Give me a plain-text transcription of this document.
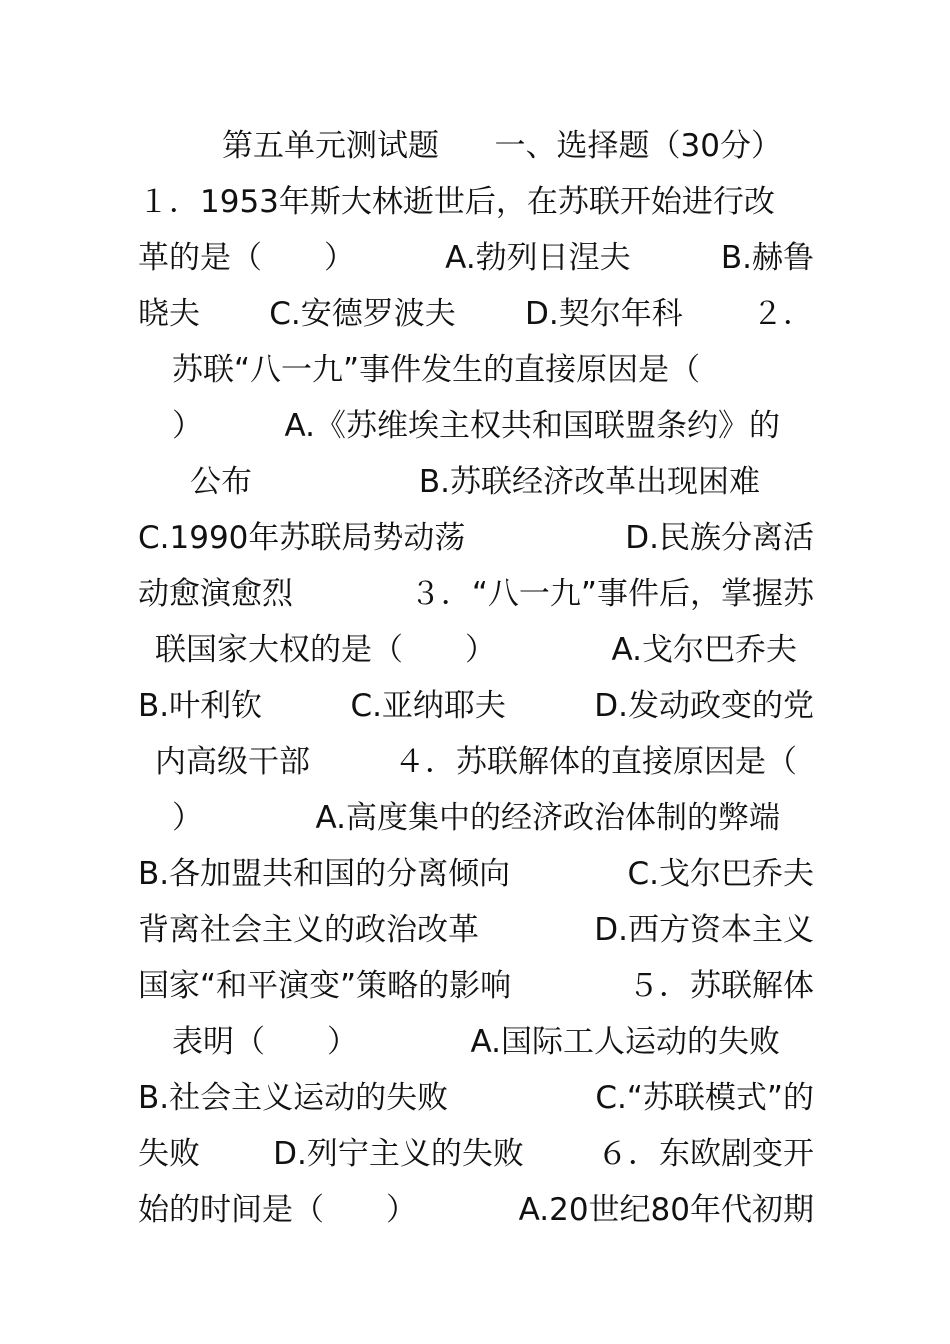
第五单元测试题 一、选择题（30分）
１．1953年斯大林逝世后，在苏联开始进行改
革的是（　　）	A.勃列日涅夫	B.赫鲁
晓夫 C.安德罗波夫 D.契尔年科 ２．
苏联“八一九”事件发生的直接原因是（
）	A.《苏维埃主权共和国联盟条约》的
公布	B.苏联经济改革出现困难
C.1990年苏联局势动荡	D.民族分离活
动愈演愈烈	３．“八一九”事件后，掌握苏
联国家大权的是（　　）	A.戈尔巴乔夫
B.叶利钦	C.亚纳耶夫	D.发动政变的党
内高级干部	４．苏联解体的直接原因是（
）	A.高度集中的经济政治体制的弊端
B.各加盟共和国的分离倾向	C.戈尔巴乔夫
背离社会主义的政治改革	D.西方资本主义
国家“和平演变”策略的影响	５．苏联解体
表明（　　）	A.国际工人运动的失败
B.社会主义运动的失败	C.“苏联模式”的
失败 D.列宁主义的失败 ６．东欧剧变开
始的时间是（　　）	A.20世纪80年代初期
